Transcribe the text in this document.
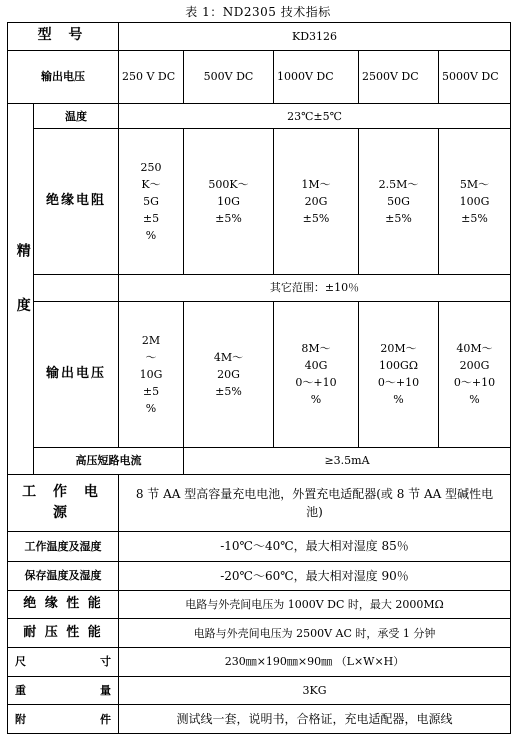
表 1：ND2305 技术指标
型 号		KD3126				
输出电压		250 V DC	500V DC	1000V DC	2500V DC	5000V DC
精 度	温度	23℃±5℃				
	绝缘电阻	250
K～
5G
±5
%	500K～
10G
±5%	1M～
20G
±5%	2.5M～
50G
±5%	5M～
100G
±5%

		其它范围：±10％				
	输出电压	2M
～
10G
±5
%	4M～
20G
±5%	8M～
40G
0～+10
%	20M～
100GΩ
0～+10
%	40M～
200G
0～+10
%

	高压短路电流		≥3.5mA			
工 作 电 源		8 节 AA 型高容量充电电池，外置充电适配器(或 8 节 AA 型碱性电池)				
工作温度及湿度		-10℃～40℃，最大相对湿度 85％				
保存温度及湿度		-20℃～60℃，最大相对湿度 90％				
绝 缘 性 能		电路与外壳间电压为 1000V DC 时，最大 2000MΩ				
耐 压 性 能		电路与外壳间电压为 2500V AC 时，承受 1 分钟				

尺 寸		230㎜×190㎜×90㎜ （L×W×H）				

重 量		3KG				

附 件		测试线一套，说明书，合格证，充电适配器，电源线				
